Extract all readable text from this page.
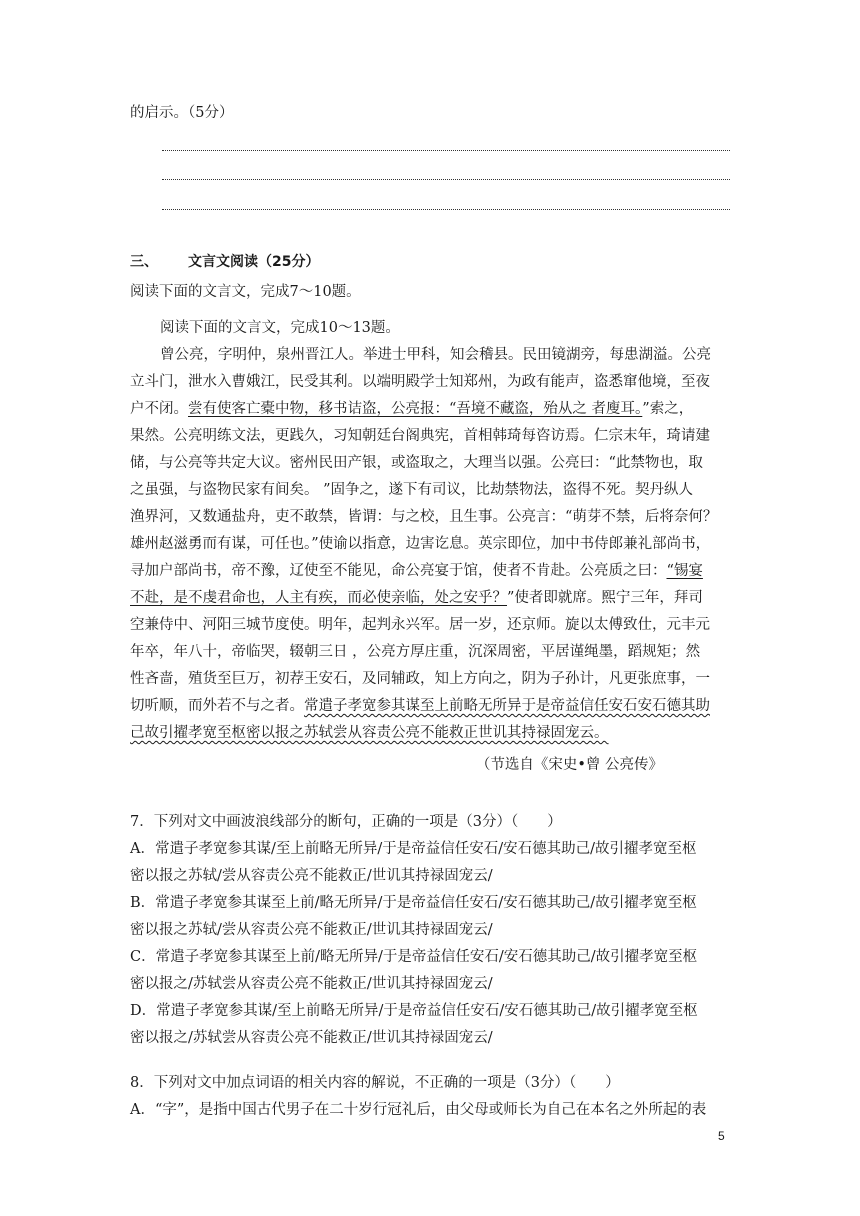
的启示。（5分）
三、 文言文阅读（25分）
阅读下面的文言文，完成7～10题。
阅读下面的文言文，完成10～13题。
曾公亮，字明仲，泉州晋江人。举进士甲科，知会稽县。民田镜湖旁，每患湖溢。公亮
立斗门，泄水入曹娥江，民受其利。以端明殿学士知郑州，为政有能声，盗悉窜他境，至夜
户不闭。尝有使客亡橐中物，移书诘盗，公亮报：“吾境不藏盗，殆从之 者廋耳。”索之，
果然。公亮明练文法，更践久，习知朝廷台阁典宪，首相韩琦每咨访焉。仁宗末年，琦请建
储，与公亮等共定大议。密州民田产银，或盗取之，大理当以强。公亮曰：“此禁物也，取
之虽强，与盗物民家有间矣。 ”固争之，遂下有司议，比劫禁物法，盗得不死。契丹纵人
渔界河，又数通盐舟，吏不敢禁，皆谓：与之校，且生事。公亮言：“萌芽不禁，后将奈何？
雄州赵滋勇而有谋，可任也。”使谕以指意，边害讫息。英宗即位，加中书侍郎兼礼部尚书，
寻加户部尚书，帝不豫，辽使至不能见，命公亮宴于馆，使者不肯赴。公亮质之曰：“锡宴
不赴，是不虔君命也，人主有疾，而必使亲临，处之安乎？”使者即就席。熙宁三年，拜司
空兼侍中、河阳三城节度使。明年，起判永兴军。居一岁，还京师。旋以太傅致仕，元丰元
年卒，年八十，帝临哭，辍朝三日 ，公亮方厚庄重，沉深周密，平居谨绳墨，蹈规矩；然
性吝啬，殖货至巨万，初荐王安石，及同辅政，知上方向之，阴为子孙计，凡更张庶事，一
切听顺，而外若不与之者。常遣子孝宽参其谋至上前略无所异于是帝益信任安石安石德其助
己故引擢孝宽至枢密以报之苏轼尝从容责公亮不能救正世讥其持禄固宠云。
（节选自《宋史•曾 公亮传》
7．下列对文中画波浪线部分的断句，正确的一项是（3分）（　　）
A．常遣子孝宽参其谋/至上前略无所异/于是帝益信任安石/安石德其助己/故引擢孝宽至枢
密以报之苏轼/尝从容责公亮不能救正/世讥其持禄固宠云/
B．常遣子孝宽参其谋至上前/略无所异/于是帝益信任安石/安石德其助己/故引擢孝宽至枢
密以报之苏轼/尝从容责公亮不能救正/世讥其持禄固宠云/
C．常遣子孝宽参其谋至上前/略无所异/于是帝益信任安石/安石德其助己/故引擢孝宽至枢
密以报之/苏轼尝从容责公亮不能救正/世讥其持禄固宠云/
D．常遣子孝宽参其谋/至上前略无所异/于是帝益信任安石/安石德其助己/故引擢孝宽至枢
密以报之/苏轼尝从容责公亮不能救正/世讥其持禄固宠云/
8．下列对文中加点词语的相关内容的解说，不正确的一项是（3分）（　　）
A．“字”，是指中国古代男子在二十岁行冠礼后，由父母或师长为自己在本名之外所起的表
5
